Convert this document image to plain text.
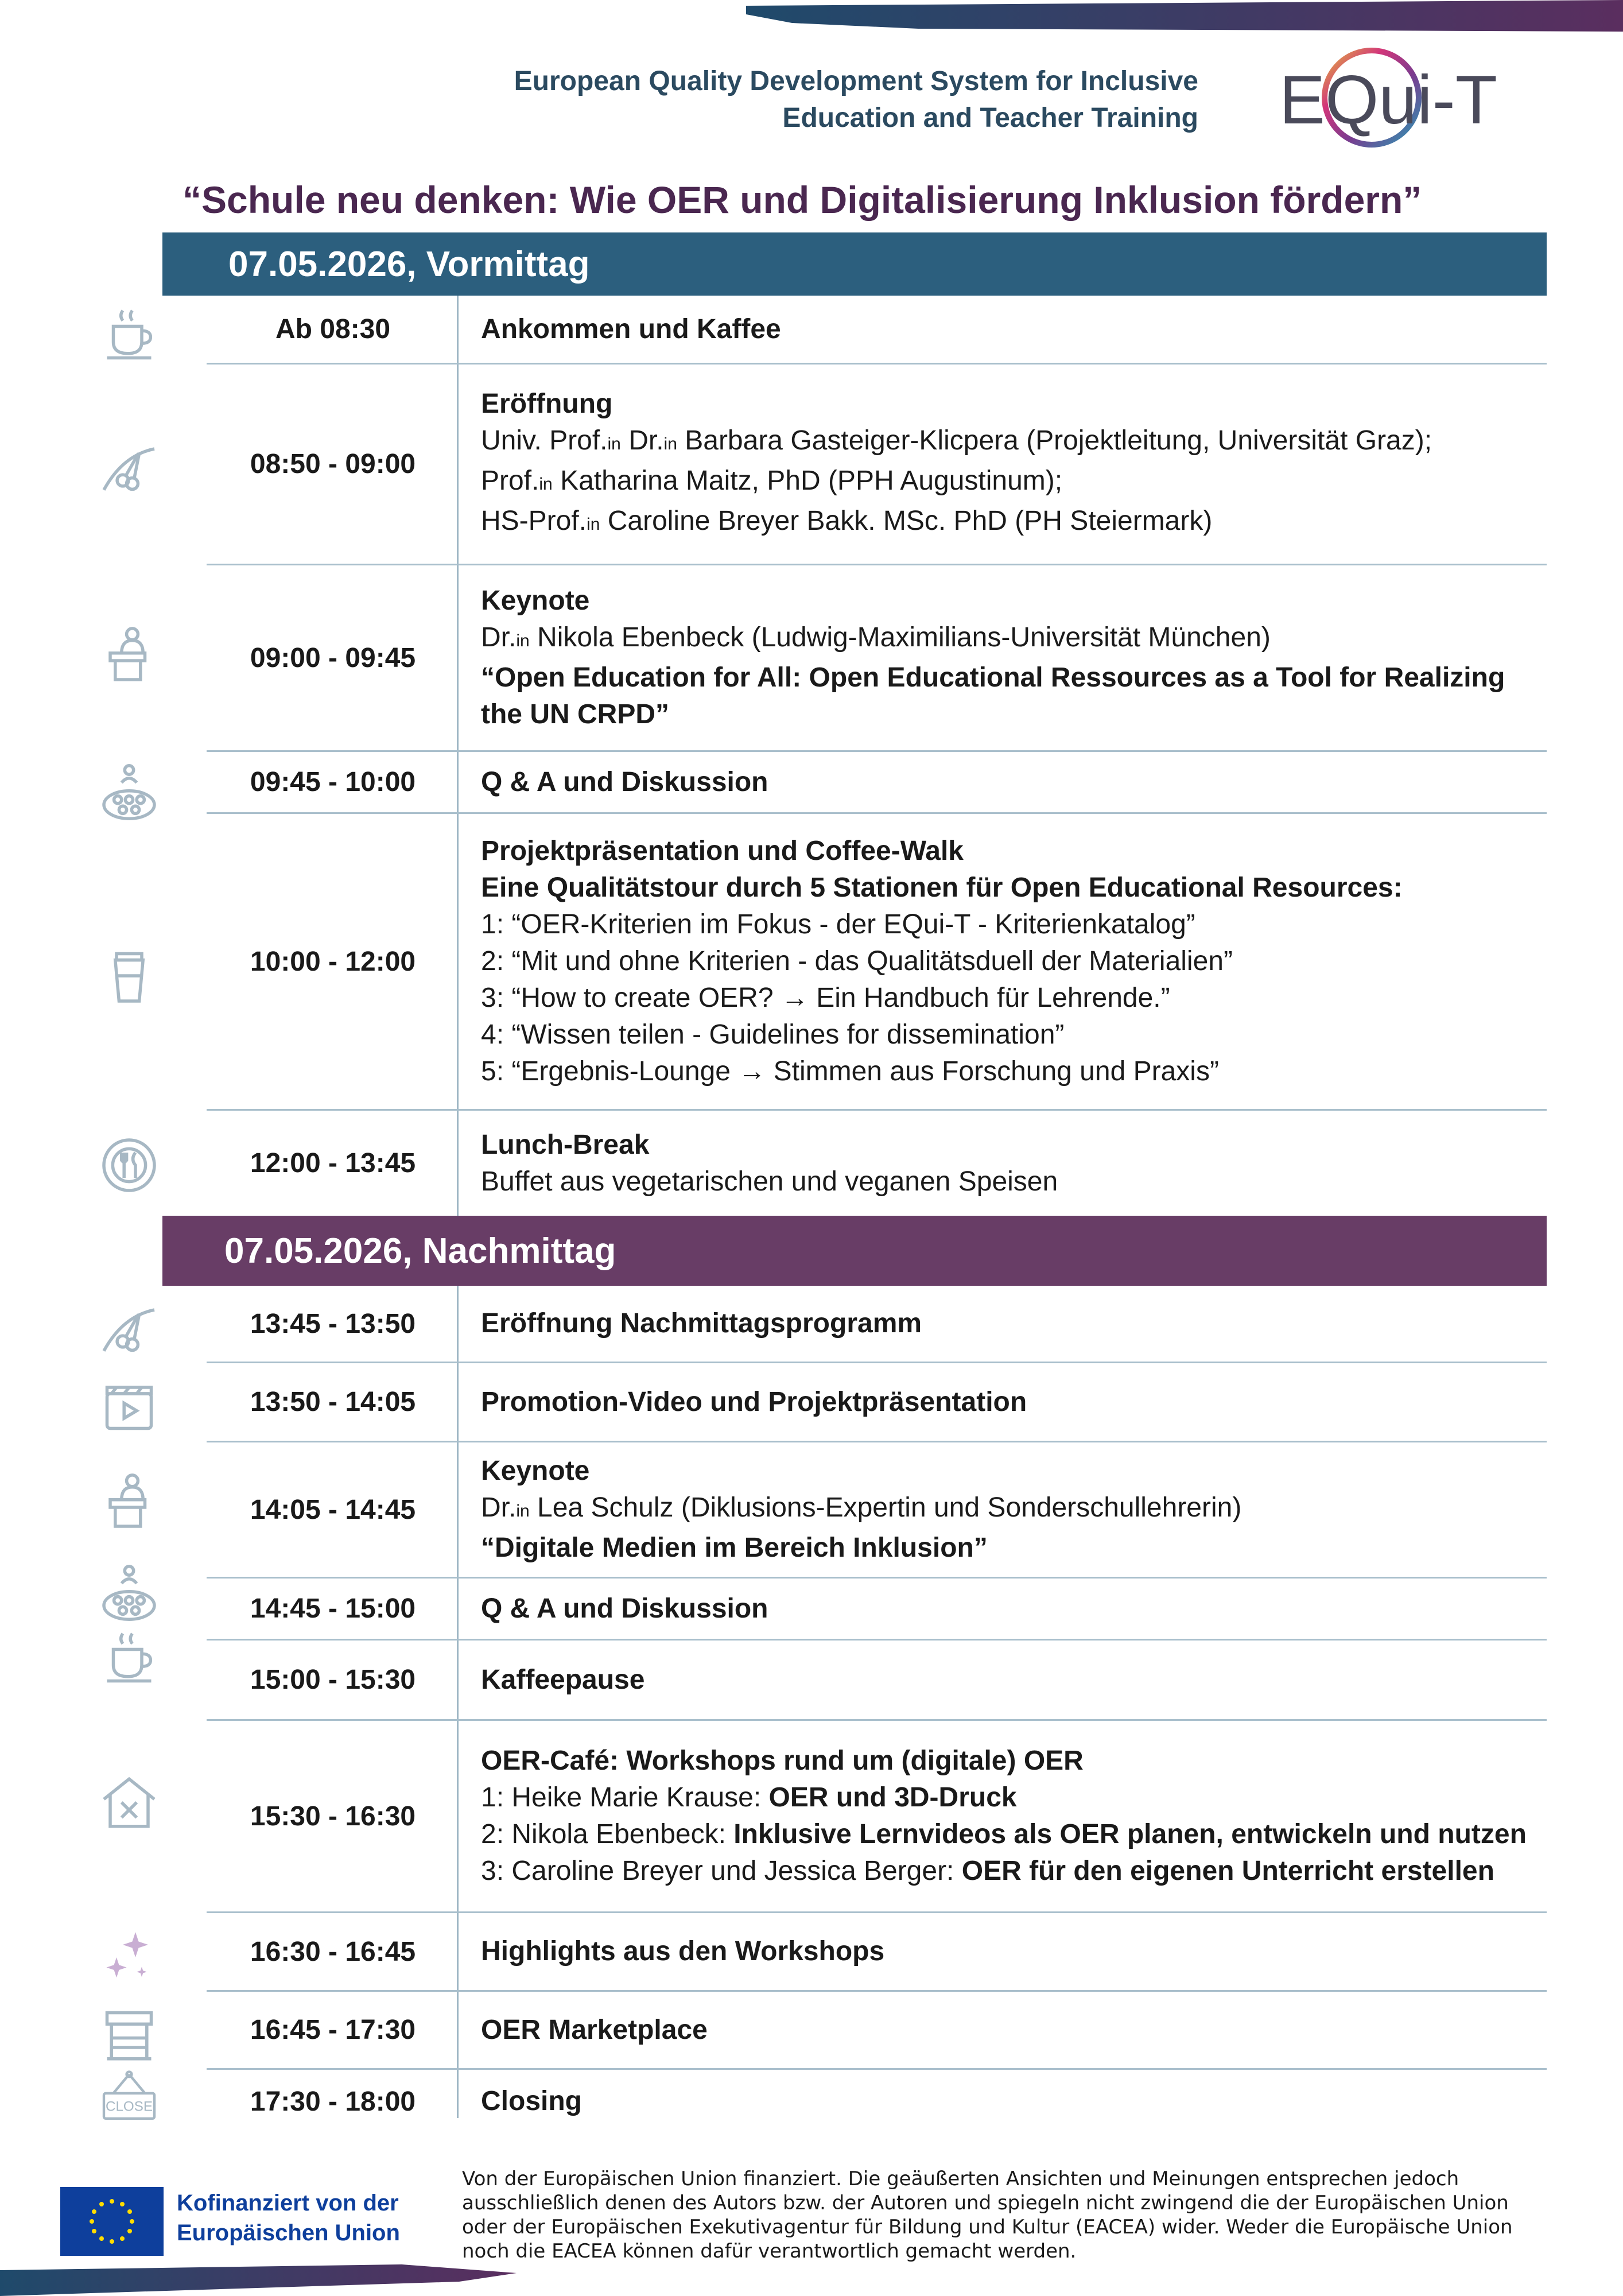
European Quality Development System for Inclusive
Education and Teacher Training EQui-T
“Schule neu denken: Wie OER und Digitalisierung Inklusion fördern”
07.05.2026, Vormittag
Ab 08:30	Ankommen und Kaffee
08:50 - 09:00
Eröffnung
Univ. Prof.in Dr.in Barbara Gasteiger-Klicpera (Projektleitung, Universität Graz);
Prof.in Katharina Maitz, PhD (PPH Augustinum);
HS-Prof.in Caroline Breyer Bakk. MSc. PhD (PH Steiermark)
09:00 - 09:45
Keynote
Dr.in Nikola Ebenbeck (Ludwig-Maximilians-Universität München)
“Open Education for All: Open Educational Ressources as a Tool for Realizing the UN CRPD”
09:45 - 10:00	Q & A und Diskussion
10:00 - 12:00
Projektpräsentation und Coffee-Walk
Eine Qualitätstour durch 5 Stationen für Open Educational Resources:
1: “OER-Kriterien im Fokus - der EQui-T - Kriterienkatalog”
2: “Mit und ohne Kriterien - das Qualitätsduell der Materialien”
3: “How to create OER? → Ein Handbuch für Lehrende.”
4: “Wissen teilen - Guidelines for dissemination”
5: “Ergebnis-Lounge → Stimmen aus Forschung und Praxis”
12:00 - 13:45
Lunch-Break
Buffet aus vegetarischen und veganen Speisen
07.05.2026, Nachmittag
13:45 - 13:50	Eröffnung Nachmittagsprogramm
13:50 - 14:05	Promotion-Video und Projektpräsentation
14:05 - 14:45
Keynote
Dr.in Lea Schulz (Diklusions-Expertin und Sonderschullehrerin)
“Digitale Medien im Bereich Inklusion”
14:45 - 15:00	Q & A und Diskussion
15:00 - 15:30	Kaffeepause
15:30 - 16:30
OER-Café: Workshops rund um (digitale) OER
1: Heike Marie Krause: OER und 3D-Druck
2: Nikola Ebenbeck: Inklusive Lernvideos als OER planen, entwickeln und nutzen
3: Caroline Breyer und Jessica Berger: OER für den eigenen Unterricht erstellen
16:30 - 16:45	Highlights aus den Workshops
16:45 - 17:30	OER Marketplace
17:30 - 18:00	Closing
CLOSE
Kofinanziert von der
Europäischen Union
Von der Europäischen Union finanziert. Die geäußerten Ansichten und Meinungen entsprechen jedoch ausschließlich denen des Autors bzw. der Autoren und spiegeln nicht zwingend die der Europäischen Union oder der Europäischen Exekutivagentur für Bildung und Kultur (EACEA) wider. Weder die Europäische Union noch die EACEA können dafür verantwortlich gemacht werden.
